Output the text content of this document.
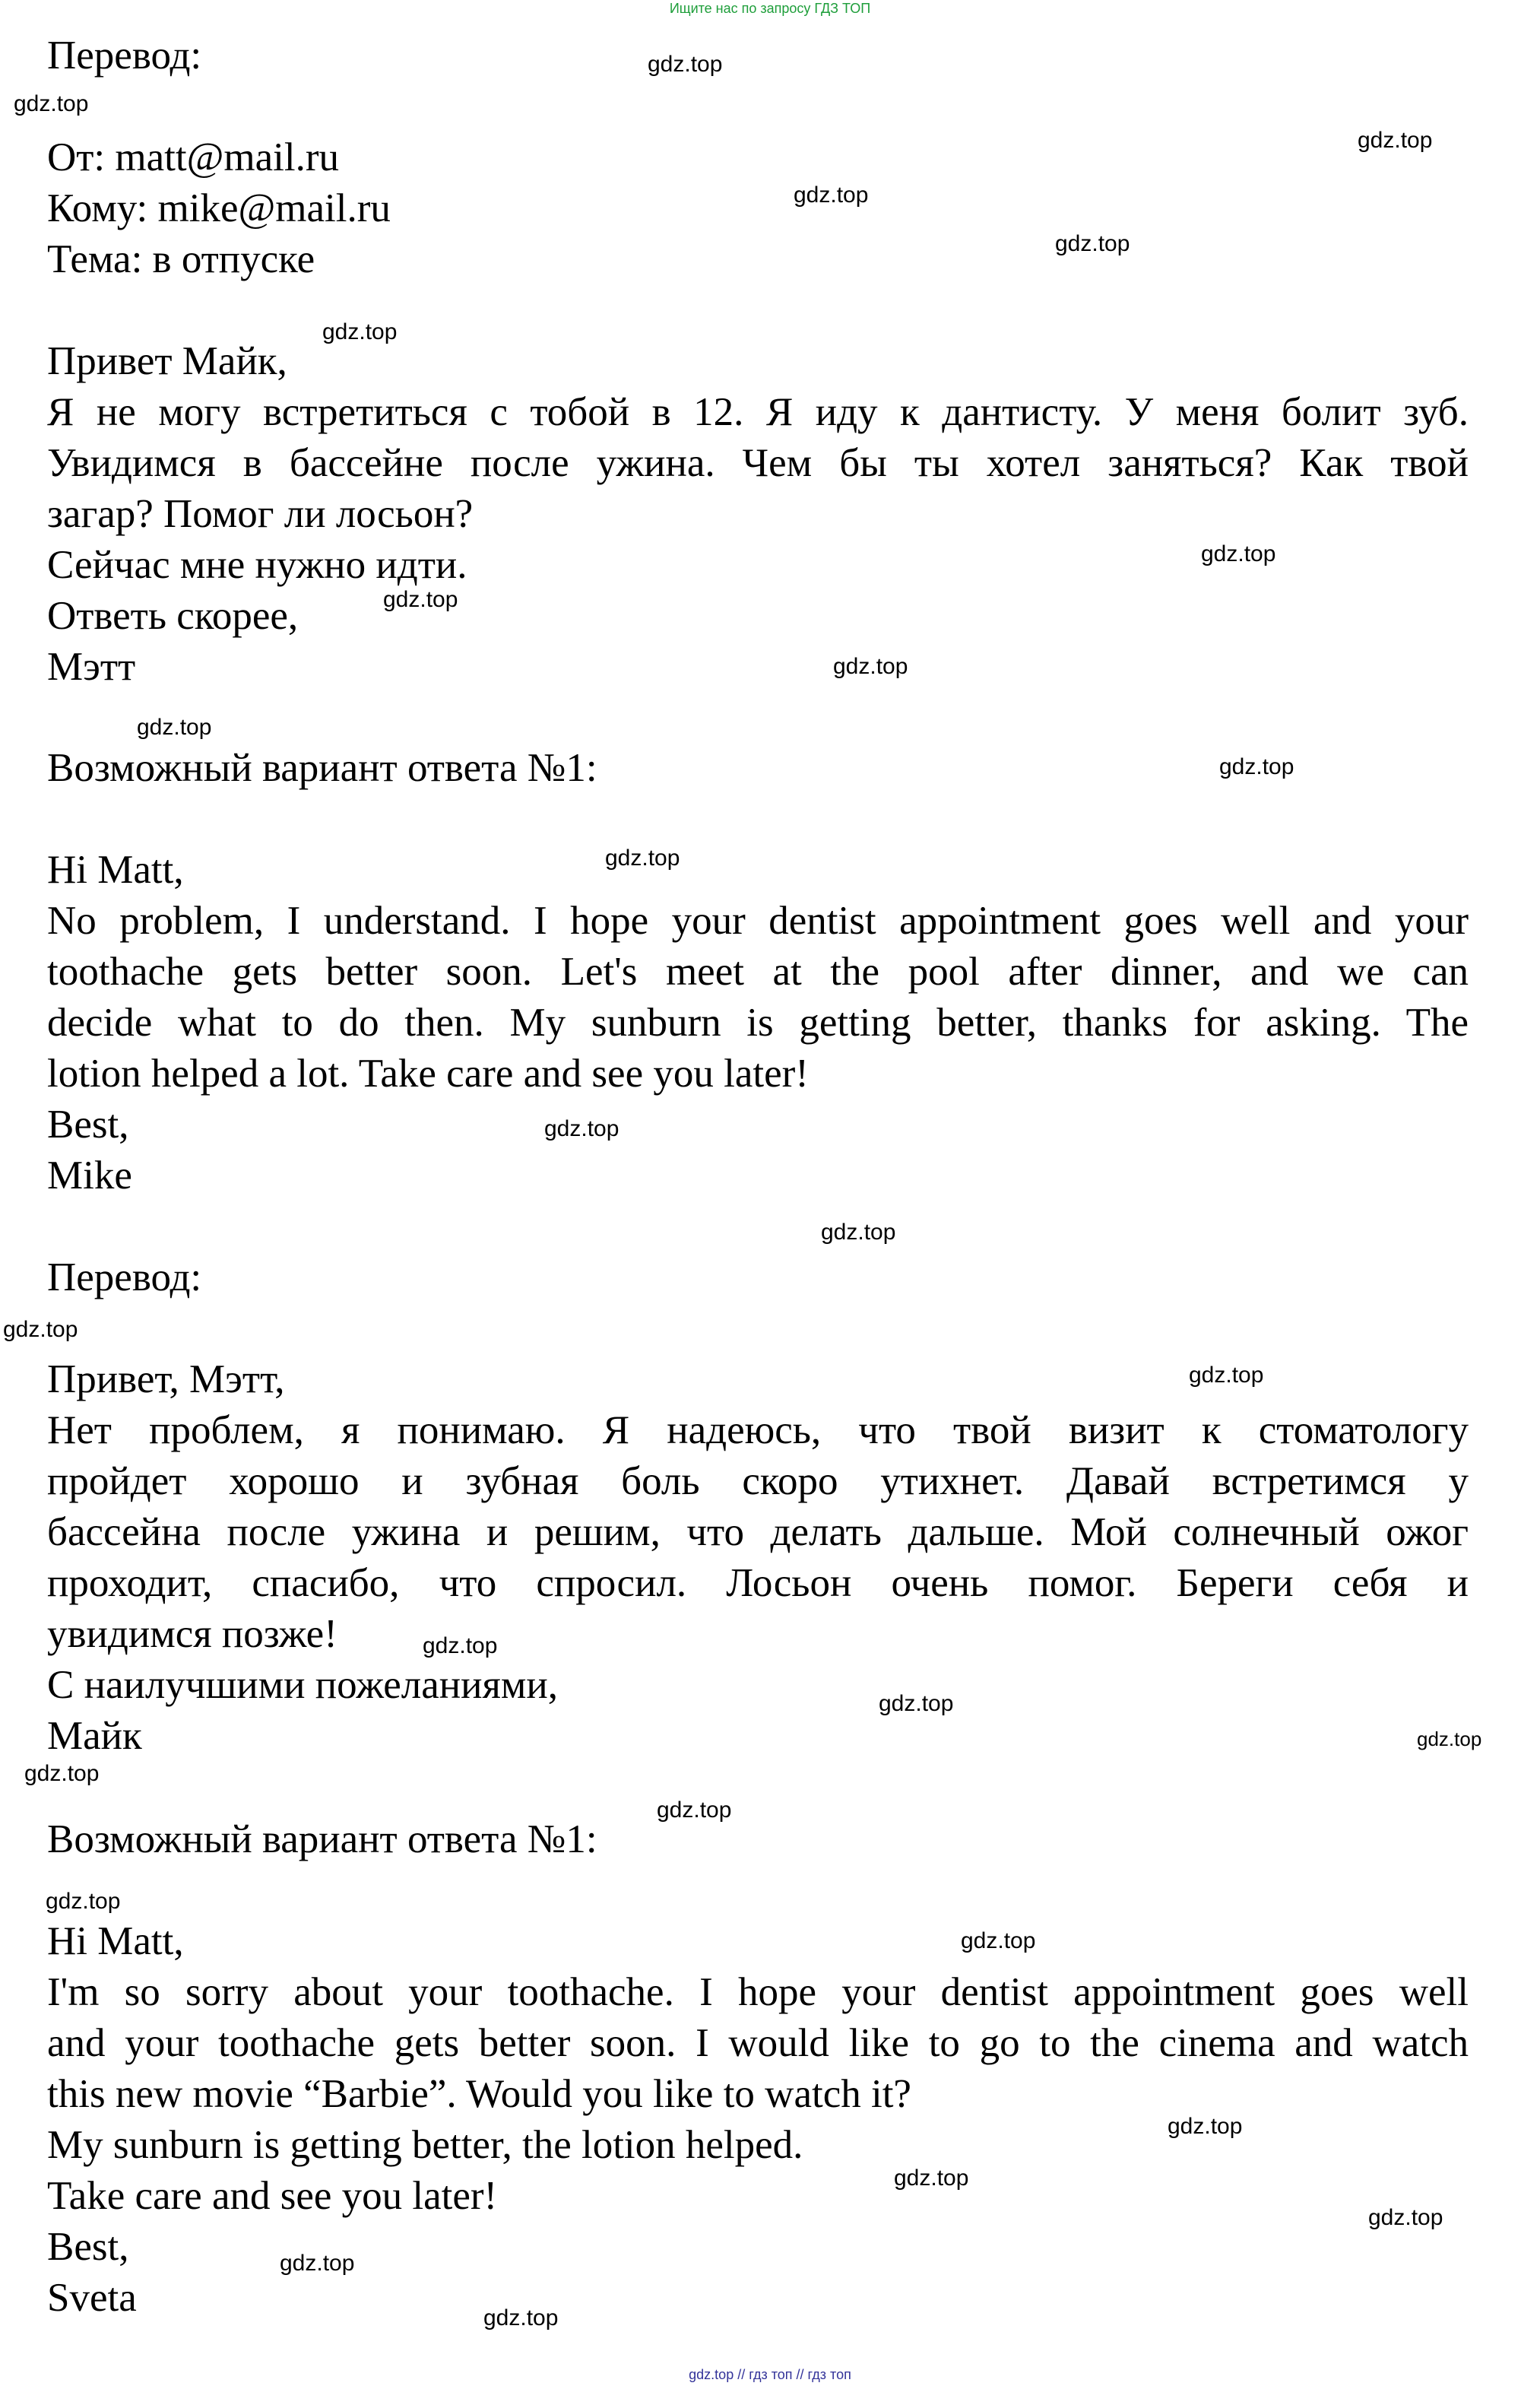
Ищите нас по запросу ГДЗ ТОП
Перевод:
От: matt@mail.ru
Кому: mike@mail.ru
Тема: в отпуске
Привет Майк,
Я не могу встретиться с тобой в 12. Я иду к дантисту. У меня болит зуб.
Увидимся в бассейне после ужина. Чем бы ты хотел заняться? Как твой
загар? Помог ли лосьон?
Сейчас мне нужно идти.
Ответь скорее,
Мэтт
Возможный вариант ответа №1:
Hi Matt,
No problem, I understand. I hope your dentist appointment goes well and your
toothache gets better soon. Let's meet at the pool after dinner, and we can
decide what to do then. My sunburn is getting better, thanks for asking. The
lotion helped a lot. Take care and see you later!
Best,
Mike
Перевод:
Привет, Мэтт,
Нет проблем, я понимаю. Я надеюсь, что твой визит к стоматологу
пройдет хорошо и зубная боль скоро утихнет. Давай встретимся у
бассейна после ужина и решим, что делать дальше. Мой солнечный ожог
проходит, спасибо, что спросил. Лосьон очень помог. Береги себя и
увидимся позже!
С наилучшими пожеланиями,
Майк
Возможный вариант ответа №1:
Hi Matt,
I'm so sorry about your toothache. I hope your dentist appointment goes well
and your toothache gets better soon. I would like to go to the cinema and watch
this new movie “Barbie”. Would you like to watch it?
My sunburn is getting better, the lotion helped.
Take care and see you later!
Best,
Sveta
gdz.top
gdz.top
gdz.top
gdz.top
gdz.top
gdz.top
gdz.top
gdz.top
gdz.top
gdz.top
gdz.top
gdz.top
gdz.top
gdz.top
gdz.top
gdz.top
gdz.top
gdz.top
gdz.top
gdz.top
gdz.top
gdz.top
gdz.top
gdz.top
gdz.top
gdz.top
gdz.top
gdz.top
gdz.top // гдз топ // гдз топ
